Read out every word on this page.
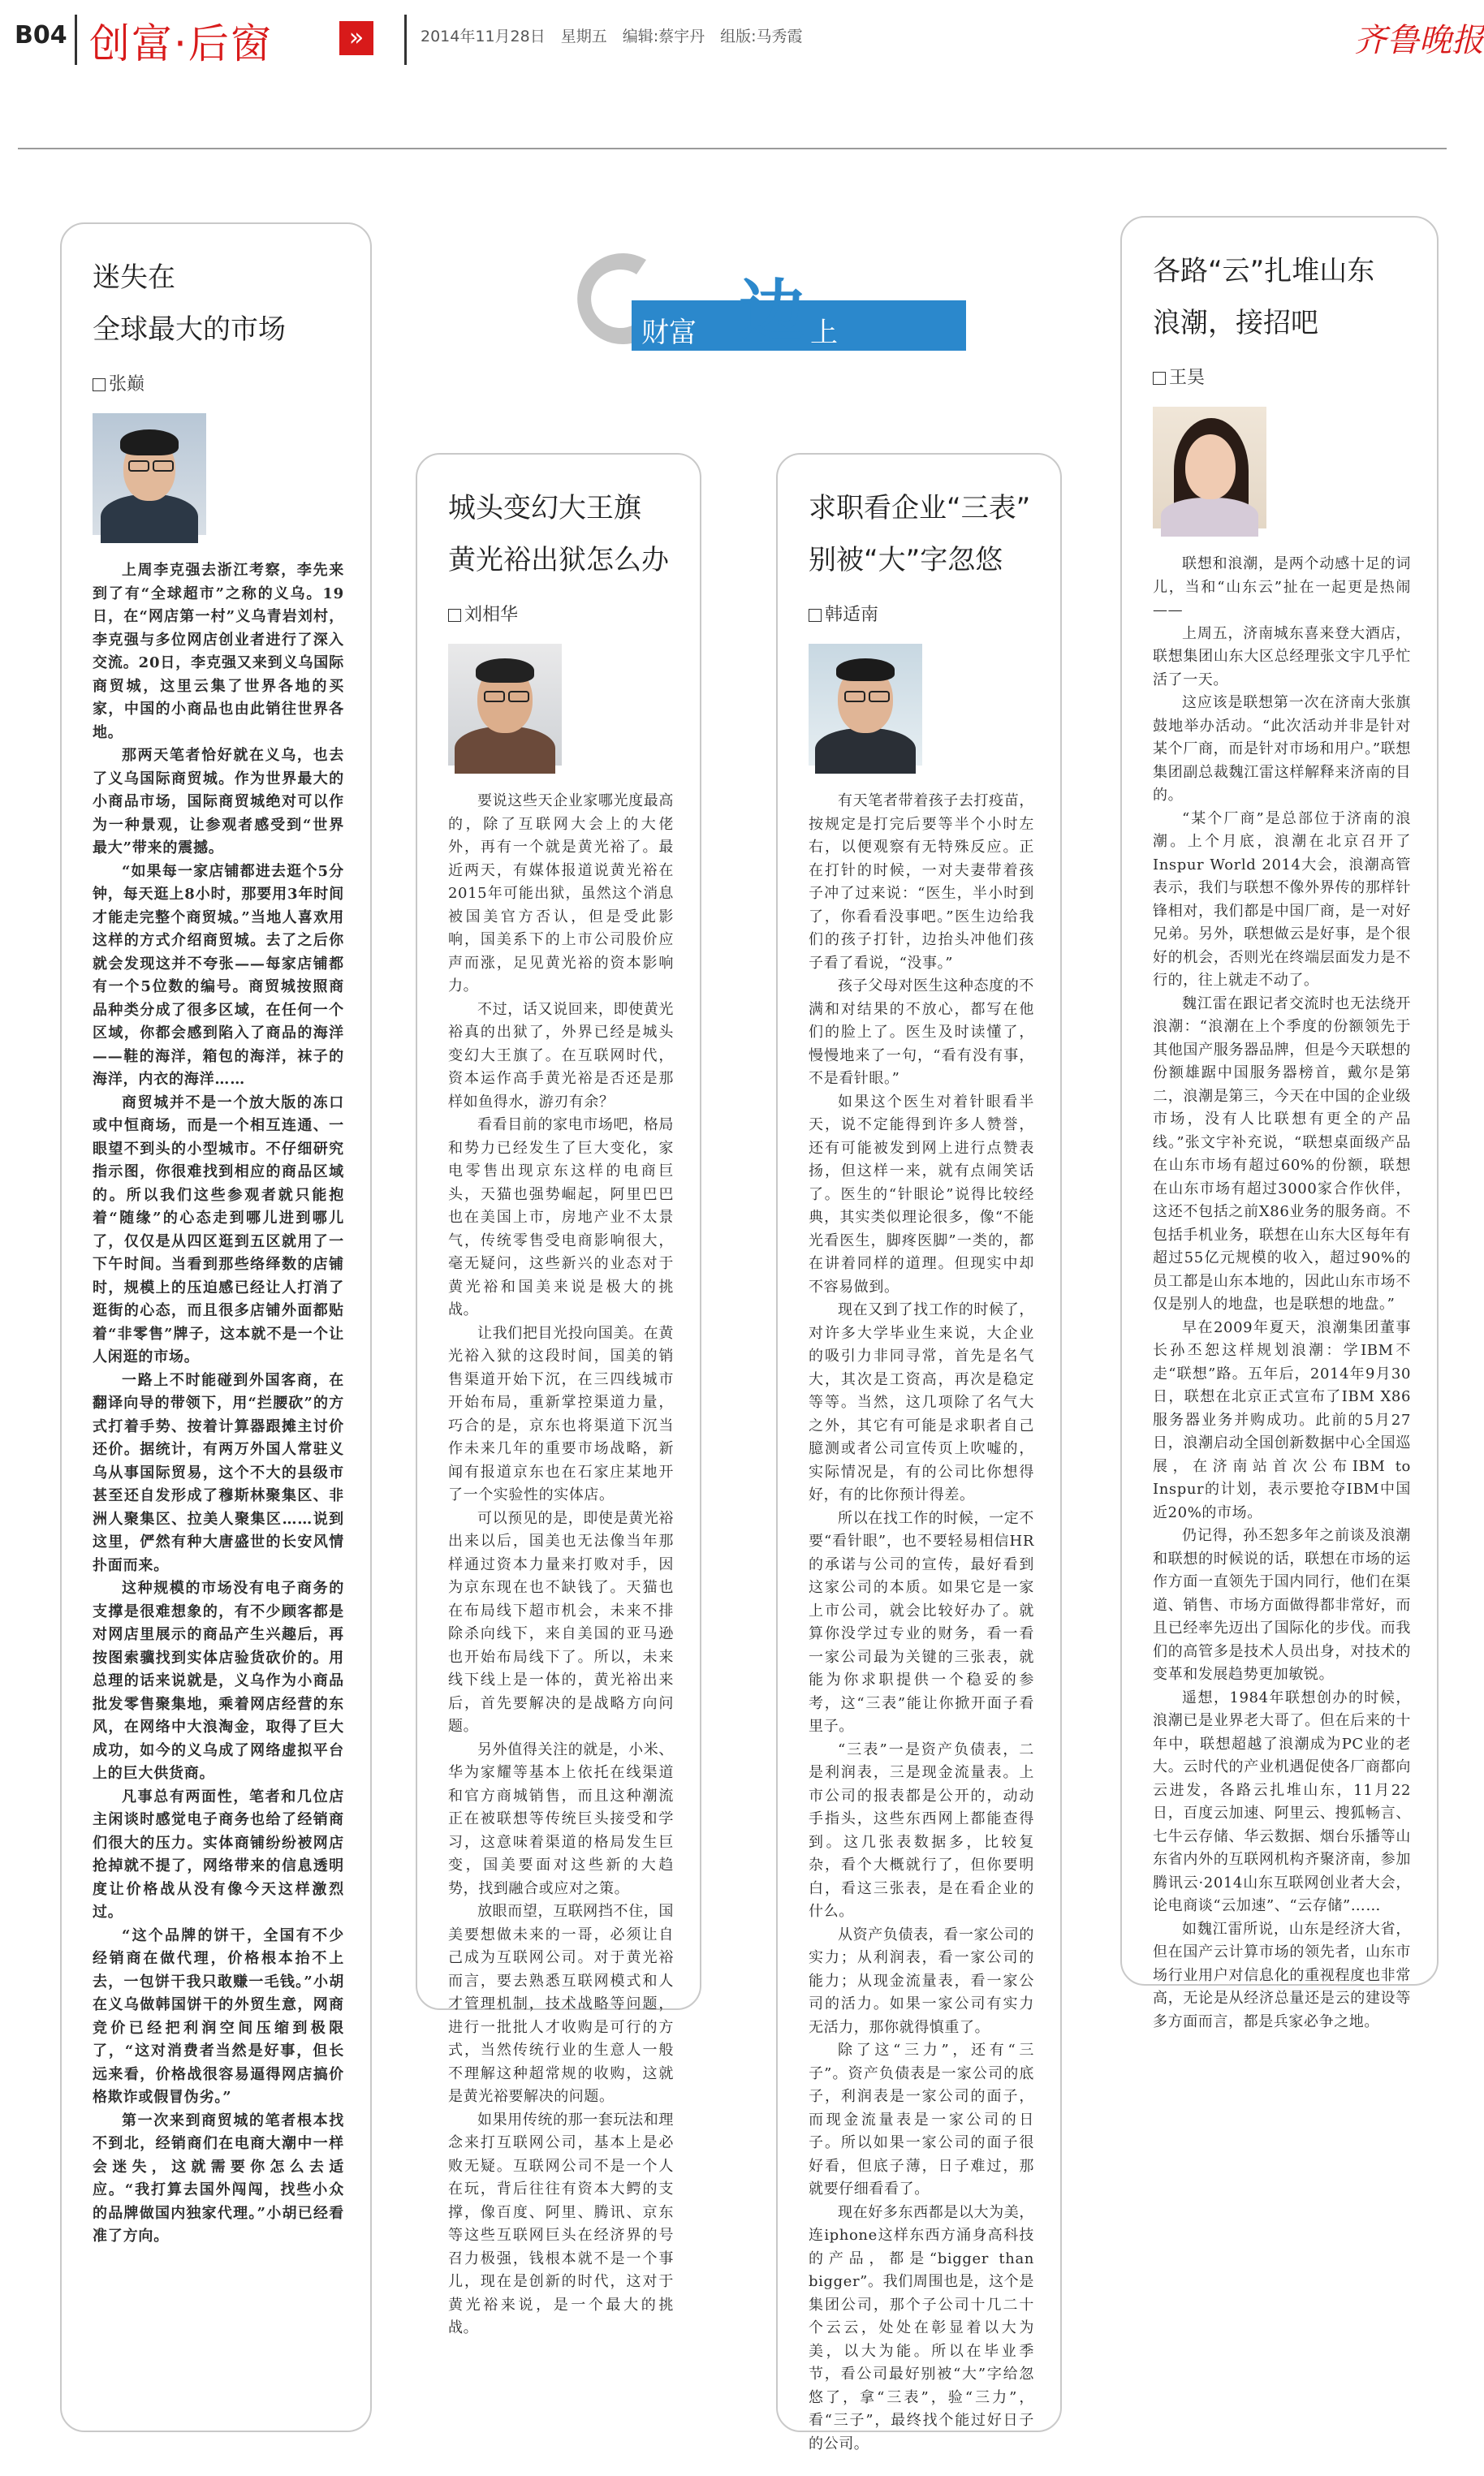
B04 创富·后窗	»	2014年11月28日　星期五　编辑:蔡宇丹　组版:马秀霞	齐鲁晚报
财富 边 上
迷失在
全球最大的市场
张巅

上周李克强去浙江考察，李先来到了有“全球超市”之称的义乌。19日，在“网店第一村”义乌青岩刘村，李克强与多位网店创业者进行了深入交流。20日，李克强又来到义乌国际商贸城，这里云集了世界各地的买家，中国的小商品也由此销往世界各地。

那两天笔者恰好就在义乌，也去了义乌国际商贸城。作为世界最大的小商品市场，国际商贸城绝对可以作为一种景观，让参观者感受到“世界最大”带来的震撼。

“如果每一家店铺都进去逛个5分钟，每天逛上8小时，那要用3年时间才能走完整个商贸城。”当地人喜欢用这样的方式介绍商贸城。去了之后你就会发现这并不夸张——每家店铺都有一个5位数的编号。商贸城按照商品种类分成了很多区域，在任何一个区域，你都会感到陷入了商品的海洋——鞋的海洋，箱包的海洋，袜子的海洋，内衣的海洋……

商贸城并不是一个放大版的冻口或中恒商场，而是一个相互连通、一眼望不到头的小型城市。不仔细研究指示图，你很难找到相应的商品区域的。所以我们这些参观者就只能抱着“随缘”的心态走到哪儿进到哪儿了，仅仅是从四区逛到五区就用了一下午时间。当看到那些络绎数的店铺时，规模上的压迫感已经让人打消了逛街的心态，而且很多店铺外面都贴着“非零售”牌子，这本就不是一个让人闲逛的市场。

一路上不时能碰到外国客商，在翻译向导的带领下，用“拦腰砍”的方式打着手势、按着计算器跟摊主讨价还价。据统计，有两万外国人常驻义乌从事国际贸易，这个不大的县级市甚至还自发形成了穆斯林聚集区、非洲人聚集区、拉美人聚集区……说到这里，俨然有种大唐盛世的长安风情扑面而来。

这种规模的市场没有电子商务的支撑是很难想象的，有不少顾客都是对网店里展示的商品产生兴趣后，再按图索骥找到实体店验货砍价的。用总理的话来说就是，义乌作为小商品批发零售聚集地，乘着网店经营的东风，在网络中大浪淘金，取得了巨大成功，如今的义乌成了网络虚拟平台上的巨大供货商。

凡事总有两面性，笔者和几位店主闲谈时感觉电子商务也给了经销商们很大的压力。实体商铺纷纷被网店抢掉就不提了，网络带来的信息透明度让价格战从没有像今天这样激烈过。

“这个品牌的饼干，全国有不少经销商在做代理，价格根本抬不上去，一包饼干我只敢赚一毛钱。”小胡在义乌做韩国饼干的外贸生意，网商竞价已经把利润空间压缩到极限了，“这对消费者当然是好事，但长远来看，价格战很容易逼得网店搞价格欺诈或假冒伪劣。”

第一次来到商贸城的笔者根本找不到北，经销商们在电商大潮中一样会迷失，这就需要你怎么去适应。“我打算去国外闯闯，找些小众的品牌做国内独家代理。”小胡已经看准了方向。

城头变幻大王旗
黄光裕出狱怎么办
刘相华

要说这些天企业家哪光度最高的，除了互联网大会上的大佬外，再有一个就是黄光裕了。最近两天，有媒体报道说黄光裕在2015年可能出狱，虽然这个消息被国美官方否认，但是受此影响，国美系下的上市公司股价应声而涨，足见黄光裕的资本影响力。

不过，话又说回来，即使黄光裕真的出狱了，外界已经是城头变幻大王旗了。在互联网时代，资本运作高手黄光裕是否还是那样如鱼得水，游刃有余？

看看目前的家电市场吧，格局和势力已经发生了巨大变化，家电零售出现京东这样的电商巨头，天猫也强势崛起，阿里巴巴也在美国上市，房地产业不太景气，传统零售受电商影响很大，毫无疑问，这些新兴的业态对于黄光裕和国美来说是极大的挑战。

让我们把目光投向国美。在黄光裕入狱的这段时间，国美的销售渠道开始下沉，在三四线城市开始布局，重新掌控渠道力量，巧合的是，京东也将渠道下沉当作未来几年的重要市场战略，新闻有报道京东也在石家庄某地开了一个实验性的实体店。

可以预见的是，即使是黄光裕出来以后，国美也无法像当年那样通过资本力量来打败对手，因为京东现在也不缺钱了。天猫也在布局线下超市机会，未来不排除杀向线下，来自美国的亚马逊也开始布局线下了。所以，未来线下线上是一体的，黄光裕出来后，首先要解决的是战略方向问题。

另外值得关注的就是，小米、华为家耀等基本上依托在线渠道和官方商城销售，而且这种潮流正在被联想等传统巨头接受和学习，这意味着渠道的格局发生巨变，国美要面对这些新的大趋势，找到融合或应对之策。

放眼而望，互联网挡不住，国美要想做未来的一哥，必须让自己成为互联网公司。对于黄光裕而言，要去熟悉互联网模式和人才管理机制，技术战略等问题，进行一批批人才收购是可行的方式，当然传统行业的生意人一般不理解这种超常规的收购，这就是黄光裕要解决的问题。

如果用传统的那一套玩法和理念来打互联网公司，基本上是必败无疑。互联网公司不是一个人在玩，背后往往有资本大鳄的支撑，像百度、阿里、腾讯、京东等这些互联网巨头在经济界的号召力极强，钱根本就不是一个事儿，现在是创新的时代，这对于黄光裕来说，是一个最大的挑战。

求职看企业“三表”
别被“大”字忽悠
韩适南

有天笔者带着孩子去打疫苗，按规定是打完后要等半个小时左右，以便观察有无特殊反应。正在打针的时候，一对夫妻带着孩子冲了过来说：“医生，半小时到了，你看看没事吧。”医生边给我们的孩子打针，边抬头冲他们孩子看了看说，“没事。”

孩子父母对医生这种态度的不满和对结果的不放心，都写在他们的脸上了。医生及时读懂了，慢慢地来了一句，“看有没有事，不是看针眼。”

如果这个医生对着针眼看半天，说不定能得到许多人赞誉，还有可能被发到网上进行点赞表扬，但这样一来，就有点闹笑话了。医生的“针眼论”说得比较经典，其实类似理论很多，像“不能光看医生，脚疼医脚”一类的，都在讲着同样的道理。但现实中却不容易做到。

现在又到了找工作的时候了，对许多大学毕业生来说，大企业的吸引力非同寻常，首先是名气大，其次是工资高，再次是稳定等等。当然，这几项除了名气大之外，其它有可能是求职者自己臆测或者公司宣传页上吹嘘的，实际情况是，有的公司比你想得好，有的比你预计得差。

所以在找工作的时候，一定不要“看针眼”，也不要轻易相信HR的承诺与公司的宣传，最好看到这家公司的本质。如果它是一家上市公司，就会比较好办了。就算你没学过专业的财务，看一看一家公司最为关键的三张表，就能为你求职提供一个稳妥的参考，这“三表”能让你掀开面子看里子。

“三表”一是资产负债表，二是利润表，三是现金流量表。上市公司的报表都是公开的，动动手指头，这些东西网上都能查得到。这几张表数据多，比较复杂，看个大概就行了，但你要明白，看这三张表，是在看企业的什么。

从资产负债表，看一家公司的实力；从利润表，看一家公司的能力；从现金流量表，看一家公司的活力。如果一家公司有实力无活力，那你就得慎重了。

除了这“三力”，还有“三子”。资产负债表是一家公司的底子，利润表是一家公司的面子，而现金流量表是一家公司的日子。所以如果一家公司的面子很好看，但底子薄，日子难过，那就要仔细看看了。

现在好多东西都是以大为美，连iphone这样东西方涌身高科技的产品，都是“bigger than bigger”。我们周围也是，这个是集团公司，那个子公司十几二十个云云，处处在彰显着以大为美，以大为能。所以在毕业季节，看公司最好别被“大”字给忽悠了，拿“三表”，验“三力”，看“三子”，最终找个能过好日子的公司。

各路“云”扎堆山东
浪潮，接招吧
王昊

联想和浪潮，是两个动感十足的词儿，当和“山东云”扯在一起更是热闹——

上周五，济南城东喜来登大酒店，联想集团山东大区总经理张文宇几乎忙活了一天。

这应该是联想第一次在济南大张旗鼓地举办活动。“此次活动并非是针对某个厂商，而是针对市场和用户。”联想集团副总裁魏江雷这样解释来济南的目的。

“某个厂商”是总部位于济南的浪潮。上个月底，浪潮在北京召开了Inspur World 2014大会，浪潮高管表示，我们与联想不像外界传的那样针锋相对，我们都是中国厂商，是一对好兄弟。另外，联想做云是好事，是个很好的机会，否则光在终端层面发力是不行的，往上就走不动了。

魏江雷在跟记者交流时也无法绕开浪潮：“浪潮在上个季度的份额领先于其他国产服务器品牌，但是今天联想的份额雄踞中国服务器榜首，戴尔是第二，浪潮是第三，今天在中国的企业级市场，没有人比联想有更全的产品线。”张文宇补充说，“联想桌面级产品在山东市场有超过60%的份额，联想在山东市场有超过3000家合作伙伴，这还不包括之前X86业务的服务商。不包括手机业务，联想在山东大区每年有超过55亿元规模的收入，超过90%的员工都是山东本地的，因此山东市场不仅是别人的地盘，也是联想的地盘。”

早在2009年夏天，浪潮集团董事长孙丕恕这样规划浪潮：学IBM不走“联想”路。五年后，2014年9月30日，联想在北京正式宣布了IBM X86服务器业务并购成功。此前的5月27日，浪潮启动全国创新数据中心全国巡展，在济南站首次公布IBM to Inspur的计划，表示要抢夺IBM中国近20%的市场。

仍记得，孙丕恕多年之前谈及浪潮和联想的时候说的话，联想在市场的运作方面一直领先于国内同行，他们在渠道、销售、市场方面做得都非常好，而且已经率先迈出了国际化的步伐。而我们的高管多是技术人员出身，对技术的变革和发展趋势更加敏锐。

遥想，1984年联想创办的时候，浪潮已是业界老大哥了。但在后来的十年中，联想超越了浪潮成为PC业的老大。云时代的产业机遇促使各厂商都向云进发，各路云扎堆山东，11月22日，百度云加速、阿里云、搜狐畅言、七牛云存储、华云数据、烟台乐播等山东省内外的互联网机构齐聚济南，参加腾讯云·2014山东互联网创业者大会，论电商谈“云加速”、“云存储”……

如魏江雷所说，山东是经济大省，但在国产云计算市场的领先者，山东市场行业用户对信息化的重视程度也非常高，无论是从经济总量还是云的建设等多方面而言，都是兵家必争之地。
